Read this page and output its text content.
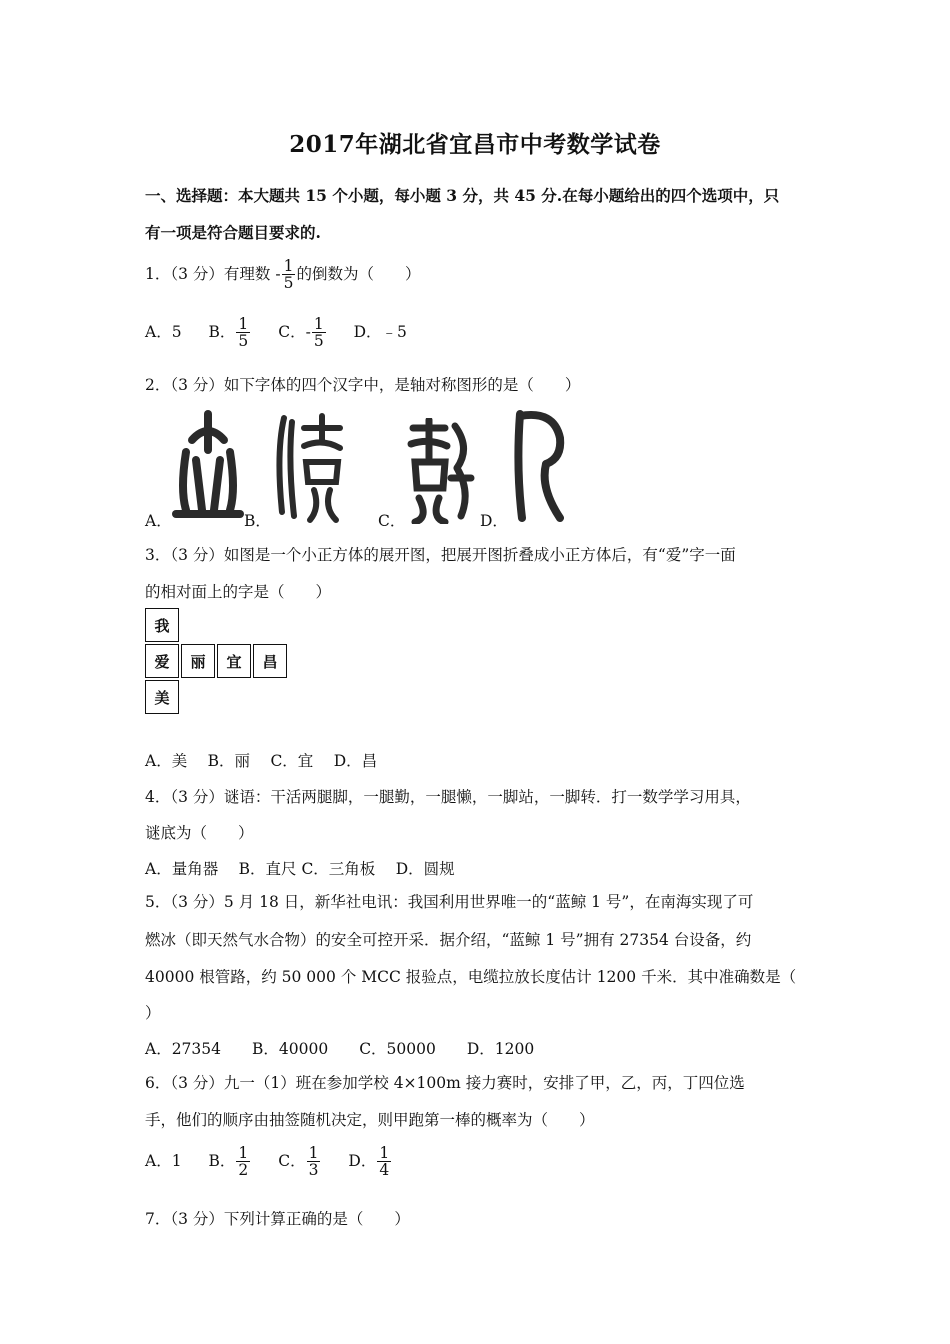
2017年湖北省宜昌市中考数学试卷
一、选择题：本大题共 15 个小题，每小题 3 分，共 45 分.在每小题给出的四个选项中，只
有一项是符合题目要求的.
1．（3 分）有理数 - $\frac{1}{5}$ 的倒数为（　　）
A．5 B． $\frac{1}{5}$ C．- $\frac{1}{5}$ D．﹣5
2．（3 分）如下字体的四个汉字中，是轴对称图形的是（　　）
A．	B．	C．	D．
3．（3 分）如图是一个小正方体的展开图，把展开图折叠成小正方体后，有“爱”字一面
的相对面上的字是（　　）
我
爱	丽	宜	昌
美
A．美　 B．丽　 C．宜　 D．昌
4．（3 分）谜语：干活两腿脚，一腿勤，一腿懒，一脚站，一脚转．打一数学学习用具，
谜底为（　　）
A．量角器　 B．直尺 C．三角板　 D．圆规
5．（3 分）5 月 18 日，新华社电讯：我国利用世界唯一的“蓝鲸 1 号”，在南海实现了可
燃冰（即天然气水合物）的安全可控开采．据介绍，“蓝鲸 1 号”拥有 27354 台设备，约
40000 根管路，约 50 000 个 MCC 报验点，电缆拉放长度估计 1200 千米．其中准确数是（
）
A．27354　　B．40000　　C．50000　　D．1200
6．（3 分）九一（1）班在参加学校 4×100m 接力赛时，安排了甲，乙，丙，丁四位选
手，他们的顺序由抽签随机决定，则甲跑第一棒的概率为（　　）
A．1 B． $\frac{1}{2}$ C． $\frac{1}{3}$ D． $\frac{1}{4}$
7．（3 分）下列计算正确的是（　　）
